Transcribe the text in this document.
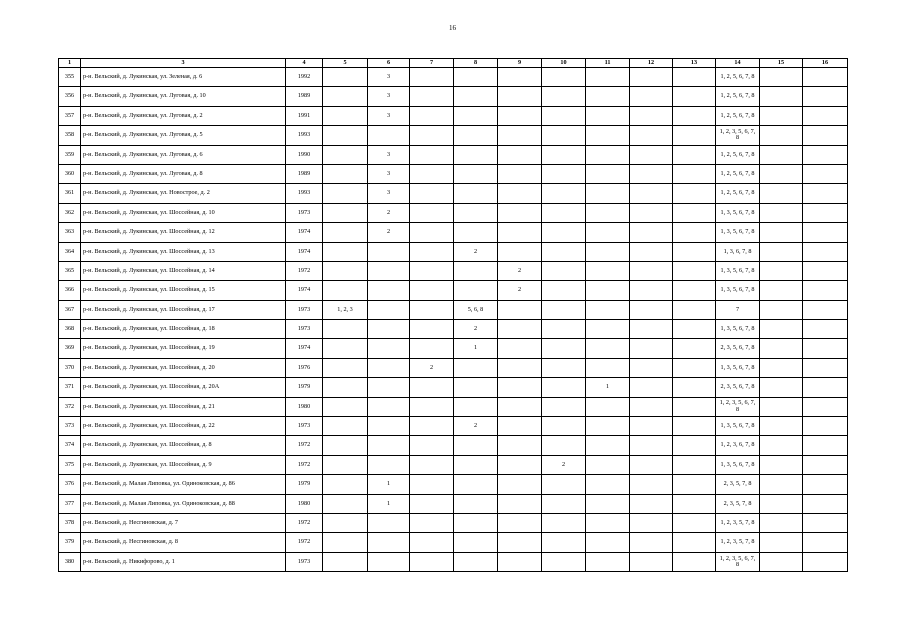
16
1	3	4	5	6	7	8	9	10	11	12	13	14	15	16
355	р-н. Вельский, д. Лукинская, ул. Зеленая, д. 6	1992		3								1, 2, 5, 6, 7, 8		
356	р-н. Вельский, д. Лукинская, ул. Луговая, д. 10	1989		3								1, 2, 5, 6, 7, 8		
357	р-н. Вельский, д. Лукинская, ул. Луговая, д. 2	1991		3								1, 2, 5, 6, 7, 8		
358	р-н. Вельский, д. Лукинская, ул. Луговая, д. 5	1993										1, 2, 3, 5, 6, 7, 8		
359	р-н. Вельский, д. Лукинская, ул. Луговая, д. 6	1990		3								1, 2, 5, 6, 7, 8		
360	р-н. Вельский, д. Лукинская, ул. Луговая, д. 8	1989		3								1, 2, 5, 6, 7, 8		
361	р-н. Вельский, д. Лукинская, ул. Новострое, д. 2	1993		3								1, 2, 5, 6, 7, 8		
362	р-н. Вельский, д. Лукинская, ул. Шоссейная, д. 10	1973		2								1, 3, 5, 6, 7, 8		
363	р-н. Вельский, д. Лукинская, ул. Шоссейная, д. 12	1974		2								1, 3, 5, 6, 7, 8		
364	р-н. Вельский, д. Лукинская, ул. Шоссейная, д. 13	1974				2						1, 3, 6, 7, 8		
365	р-н. Вельский, д. Лукинская, ул. Шоссейная, д. 14	1972					2					1, 3, 5, 6, 7, 8		
366	р-н. Вельский, д. Лукинская, ул. Шоссейная, д. 15	1974					2					1, 3, 5, 6, 7, 8		
367	р-н. Вельский, д. Лукинская, ул. Шоссейная, д. 17	1973	1, 2, 3			5, 6, 8						7		
368	р-н. Вельский, д. Лукинская, ул. Шоссейная, д. 18	1973				2						1, 3, 5, 6, 7, 8		
369	р-н. Вельский, д. Лукинская, ул. Шоссейная, д. 19	1974				1						2, 3, 5, 6, 7, 8		
370	р-н. Вельский, д. Лукинская, ул. Шоссейная, д. 20	1976			2							1, 3, 5, 6, 7, 8		
371	р-н. Вельский, д. Лукинская, ул. Шоссейная, д. 20А	1979							1			2, 3, 5, 6, 7, 8		
372	р-н. Вельский, д. Лукинская, ул. Шоссейная, д. 21	1980										1, 2, 3, 5, 6, 7, 8		
373	р-н. Вельский, д. Лукинская, ул. Шоссейная, д. 22	1973				2						1, 3, 5, 6, 7, 8		
374	р-н. Вельский, д. Лукинская, ул. Шоссейная, д. 8	1972										1, 2, 3, 6, 7, 8		
375	р-н. Вельский, д. Лукинская, ул. Шоссейная, д. 9	1972						2				1, 3, 5, 6, 7, 8		
376	р-н. Вельский, д. Малая Липовка, ул. Одиноковская, д. 86	1979		1								2, 3, 5, 7, 8		
377	р-н. Вельский, д. Малая Липовка, ул. Одиноковская, д. 88	1980		1								2, 3, 5, 7, 8		
378	р-н. Вельский, д. Несгиновская, д. 7	1972										1, 2, 3, 5, 7, 8		
379	р-н. Вельский, д. Несгиновская, д. 8	1972										1, 2, 3, 5, 7, 8		
380	р-н. Вельский, д. Никифорово, д. 1	1973										1, 2, 3, 5, 6, 7, 8		
